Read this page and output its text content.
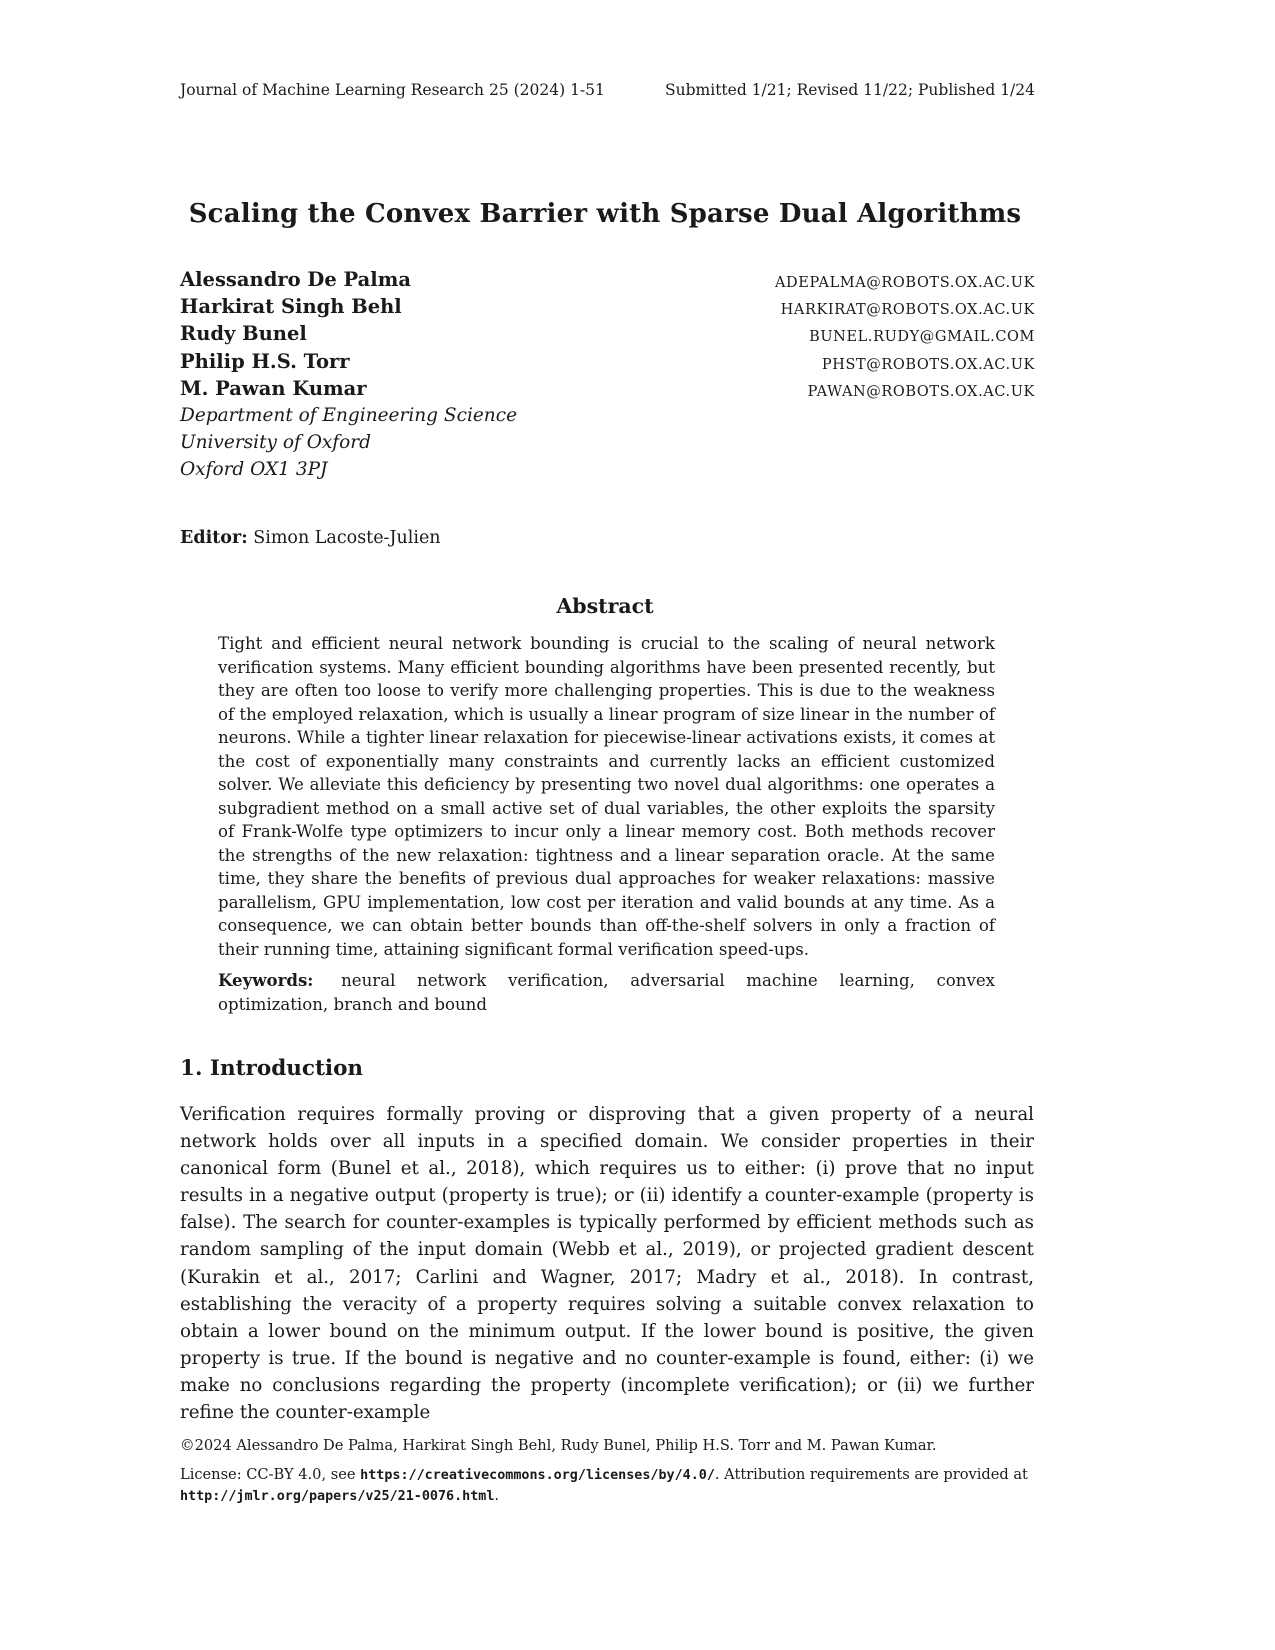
Journal of Machine Learning Research 25 (2024) 1-51	Submitted 1/21; Revised 11/22; Published 1/24
Scaling the Convex Barrier with Sparse Dual Algorithms
Alessandro De Palma
Harkirat Singh Behl
Rudy Bunel
Philip H.S. Torr
M. Pawan Kumar
Department of Engineering Science
University of Oxford
Oxford OX1 3PJ
ADEPALMA@ROBOTS.OX.AC.UK
HARKIRAT@ROBOTS.OX.AC.UK
BUNEL.RUDY@GMAIL.COM
PHST@ROBOTS.OX.AC.UK
PAWAN@ROBOTS.OX.AC.UK
Editor: Simon Lacoste-Julien
Abstract
Tight and efficient neural network bounding is crucial to the scaling of neural network verification systems. Many efficient bounding algorithms have been presented recently, but they are often too loose to verify more challenging properties. This is due to the weakness of the employed relaxation, which is usually a linear program of size linear in the number of neurons. While a tighter linear relaxation for piecewise-linear activations exists, it comes at the cost of exponentially many constraints and currently lacks an efficient customized solver. We alleviate this deficiency by presenting two novel dual algorithms: one operates a subgradient method on a small active set of dual variables, the other exploits the sparsity of Frank-Wolfe type optimizers to incur only a linear memory cost. Both methods recover the strengths of the new relaxation: tightness and a linear separation oracle. At the same time, they share the benefits of previous dual approaches for weaker relaxations: massive parallelism, GPU implementation, low cost per iteration and valid bounds at any time. As a consequence, we can obtain better bounds than off-the-shelf solvers in only a fraction of their running time, attaining significant formal verification speed-ups.
Keywords: neural network verification, adversarial machine learning, convex optimization, branch and bound
1. Introduction
Verification requires formally proving or disproving that a given property of a neural network holds over all inputs in a specified domain. We consider properties in their canonical form (Bunel et al., 2018), which requires us to either: (i) prove that no input results in a negative output (property is true); or (ii) identify a counter-example (property is false). The search for counter-examples is typically performed by efficient methods such as random sampling of the input domain (Webb et al., 2019), or projected gradient descent (Kurakin et al., 2017; Carlini and Wagner, 2017; Madry et al., 2018). In contrast, establishing the veracity of a property requires solving a suitable convex relaxation to obtain a lower bound on the minimum output. If the lower bound is positive, the given property is true. If the bound is negative and no counter-example is found, either: (i) we make no conclusions regarding the property (incomplete verification); or (ii) we further refine the counter-example
©2024 Alessandro De Palma, Harkirat Singh Behl, Rudy Bunel, Philip H.S. Torr and M. Pawan Kumar.
License: CC-BY 4.0, see https://creativecommons.org/licenses/by/4.0/. Attribution requirements are provided at http://jmlr.org/papers/v25/21-0076.html.
